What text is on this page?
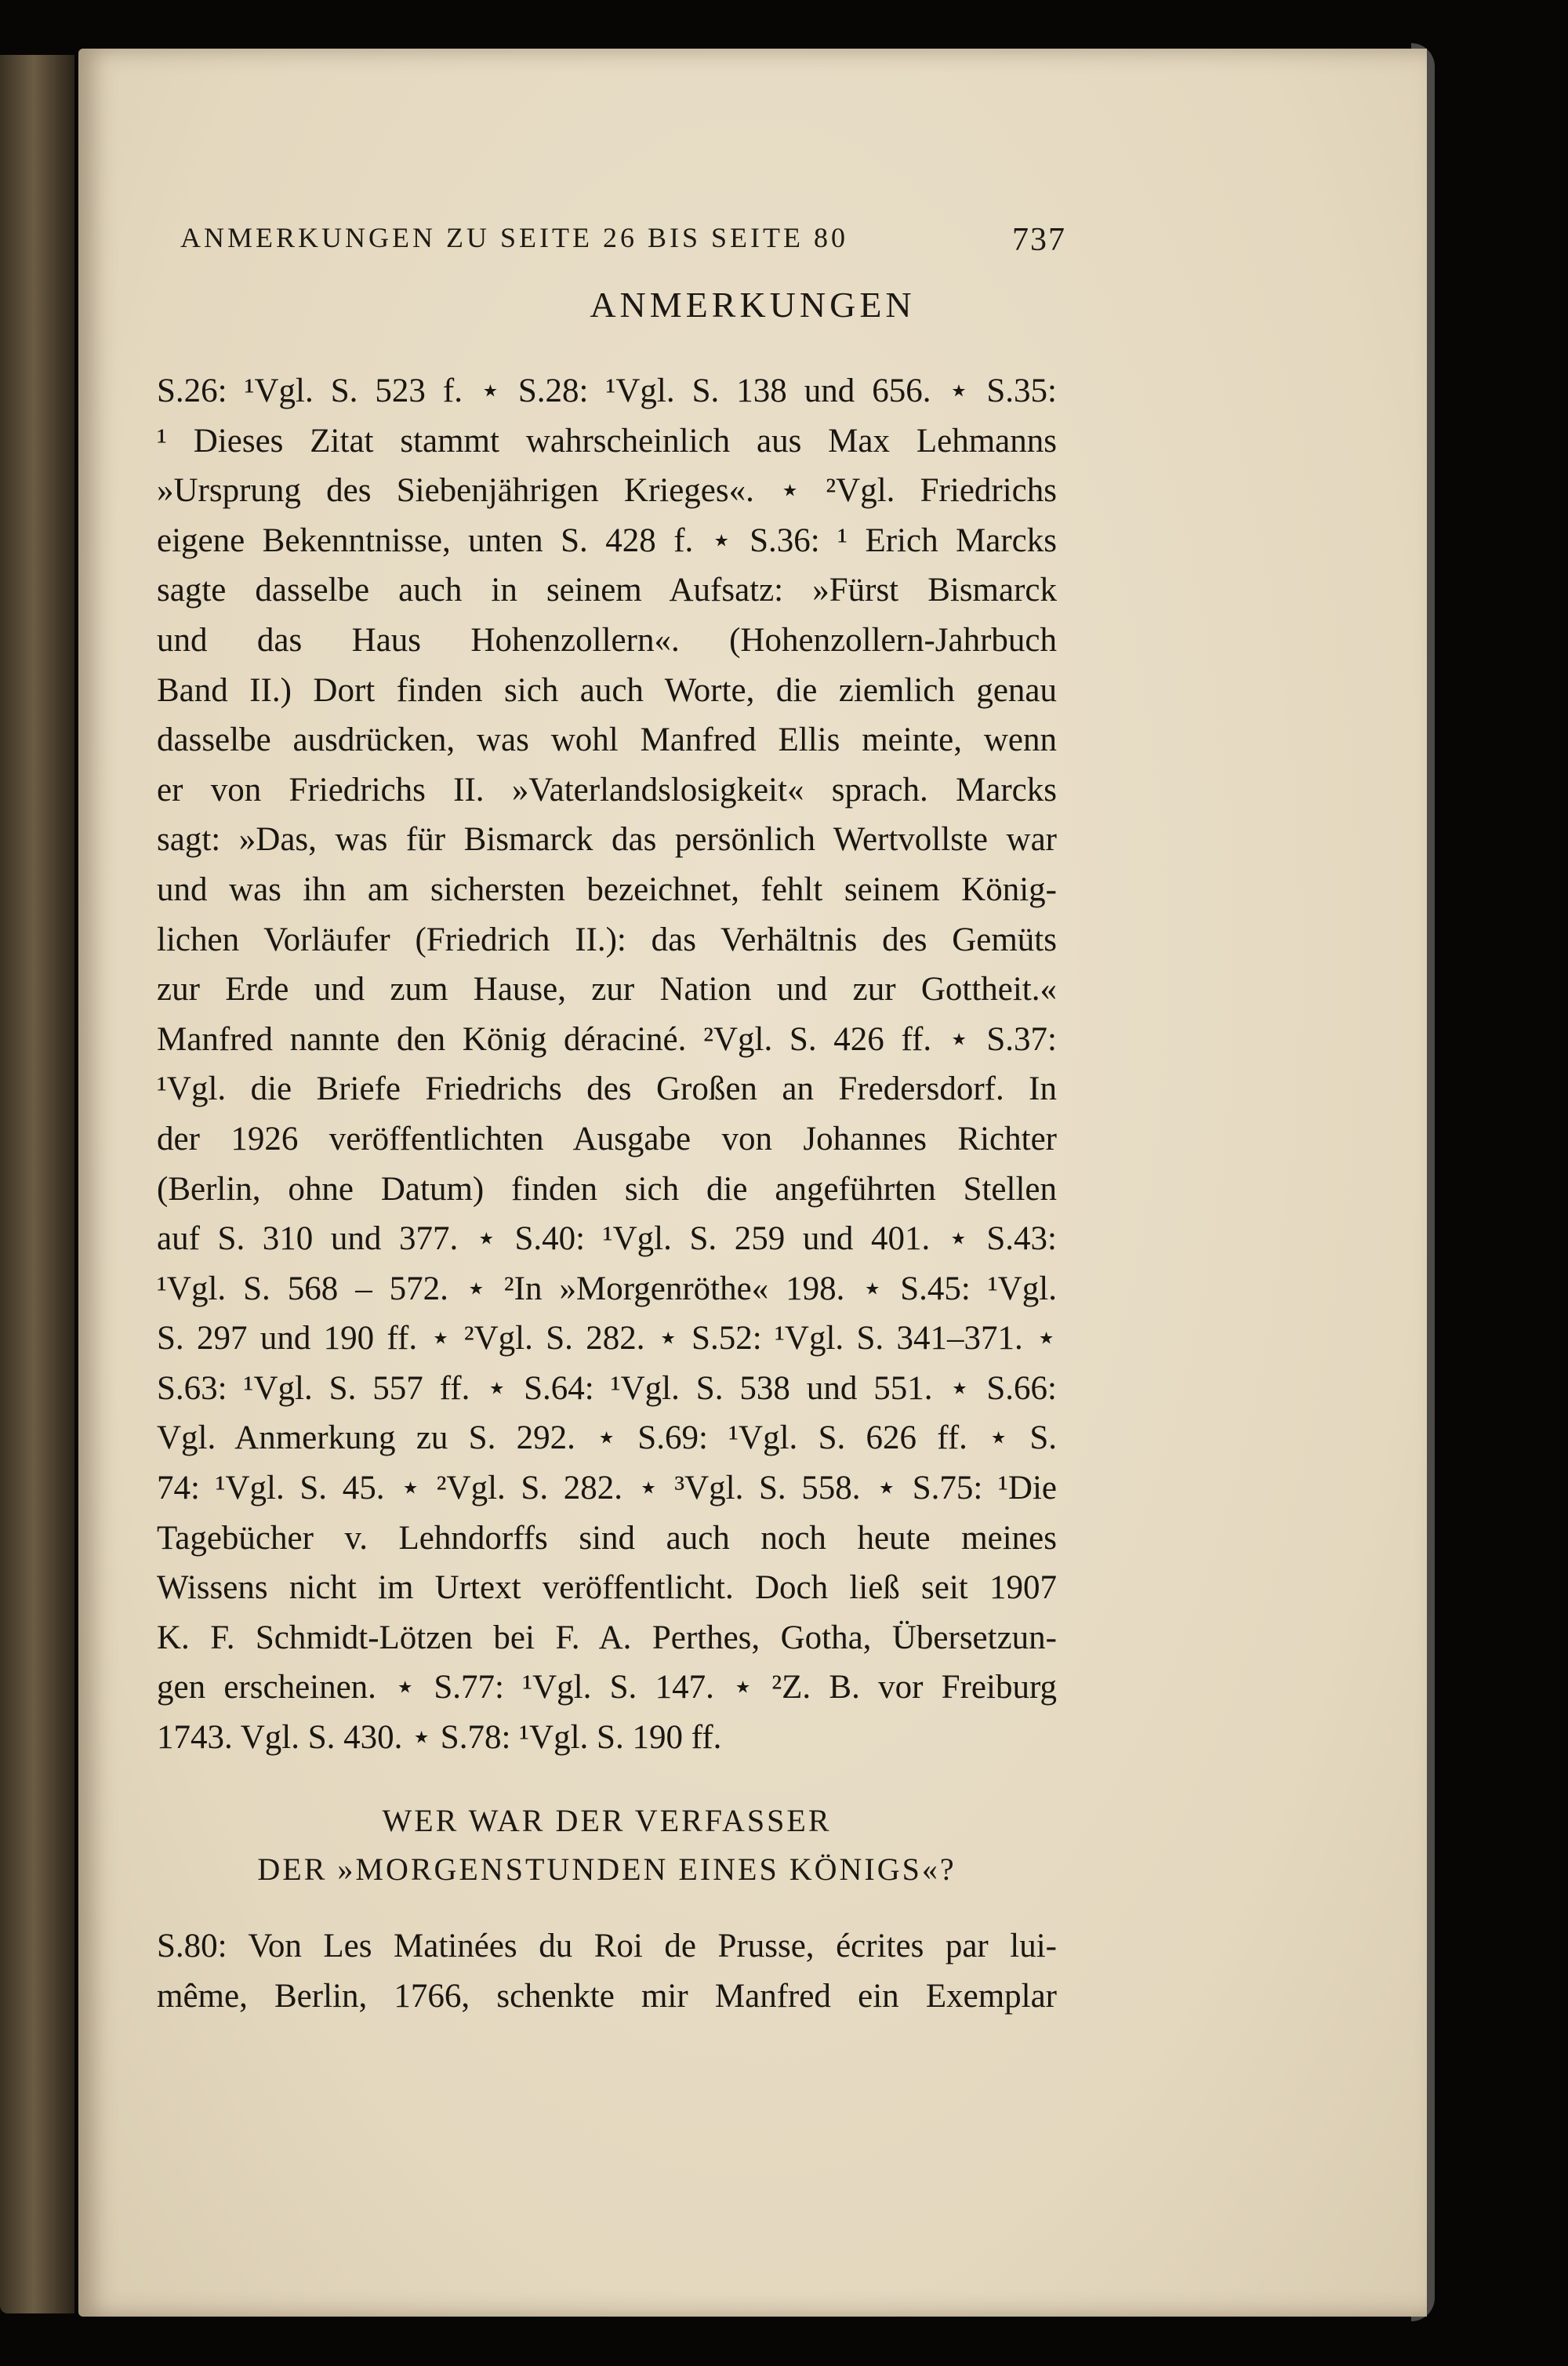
ANMERKUNGEN ZU SEITE 26 BIS SEITE 80	737
ANMERKUNGEN
S.26: ¹Vgl. S. 523 f. ⋆ S.28: ¹Vgl. S. 138 und 656. ⋆ S.35:
¹ Dieses Zitat stammt wahrscheinlich aus Max Lehmanns
»Ursprung des Siebenjährigen Krieges«. ⋆ ²Vgl. Friedrichs
eigene Bekenntnisse, unten S. 428 f. ⋆ S.36: ¹ Erich Marcks
sagte dasselbe auch in seinem Aufsatz: »Fürst Bismarck
und das Haus Hohenzollern«. (Hohenzollern-Jahrbuch
Band II.) Dort finden sich auch Worte, die ziemlich genau
dasselbe ausdrücken, was wohl Manfred Ellis meinte, wenn
er von Friedrichs II. »Vaterlandslosigkeit« sprach. Marcks
sagt: »Das, was für Bismarck das persönlich Wertvollste war
und was ihn am sichersten bezeichnet, fehlt seinem König-
lichen Vorläufer (Friedrich II.): das Verhältnis des Gemüts
zur Erde und zum Hause, zur Nation und zur Gottheit.«
Manfred nannte den König déraciné. ²Vgl. S. 426 ff. ⋆ S.37:
¹Vgl. die Briefe Friedrichs des Großen an Fredersdorf. In
der 1926 veröffentlichten Ausgabe von Johannes Richter
(Berlin, ohne Datum) finden sich die angeführten Stellen
auf S. 310 und 377. ⋆ S.40: ¹Vgl. S. 259 und 401. ⋆ S.43:
¹Vgl. S. 568 – 572. ⋆ ²In »Morgenröthe« 198. ⋆ S.45: ¹Vgl.
S. 297 und 190 ff. ⋆ ²Vgl. S. 282. ⋆ S.52: ¹Vgl. S. 341–371. ⋆
S.63: ¹Vgl. S. 557 ff. ⋆ S.64: ¹Vgl. S. 538 und 551. ⋆ S.66:
Vgl. Anmerkung zu S. 292. ⋆ S.69: ¹Vgl. S. 626 ff. ⋆ S.
74: ¹Vgl. S. 45. ⋆ ²Vgl. S. 282. ⋆ ³Vgl. S. 558. ⋆ S.75: ¹Die
Tagebücher v. Lehndorffs sind auch noch heute meines
Wissens nicht im Urtext veröffentlicht. Doch ließ seit 1907
K. F. Schmidt-Lötzen bei F. A. Perthes, Gotha, Übersetzun-
gen erscheinen. ⋆ S.77: ¹Vgl. S. 147. ⋆ ²Z. B. vor Freiburg
1743. Vgl. S. 430. ⋆ S.78: ¹Vgl. S. 190 ff.
WER WAR DER VERFASSER
DER »MORGENSTUNDEN EINES KÖNIGS«?
S.80: Von Les Matinées du Roi de Prusse, écrites par lui-
même, Berlin, 1766, schenkte mir Manfred ein Exemplar
